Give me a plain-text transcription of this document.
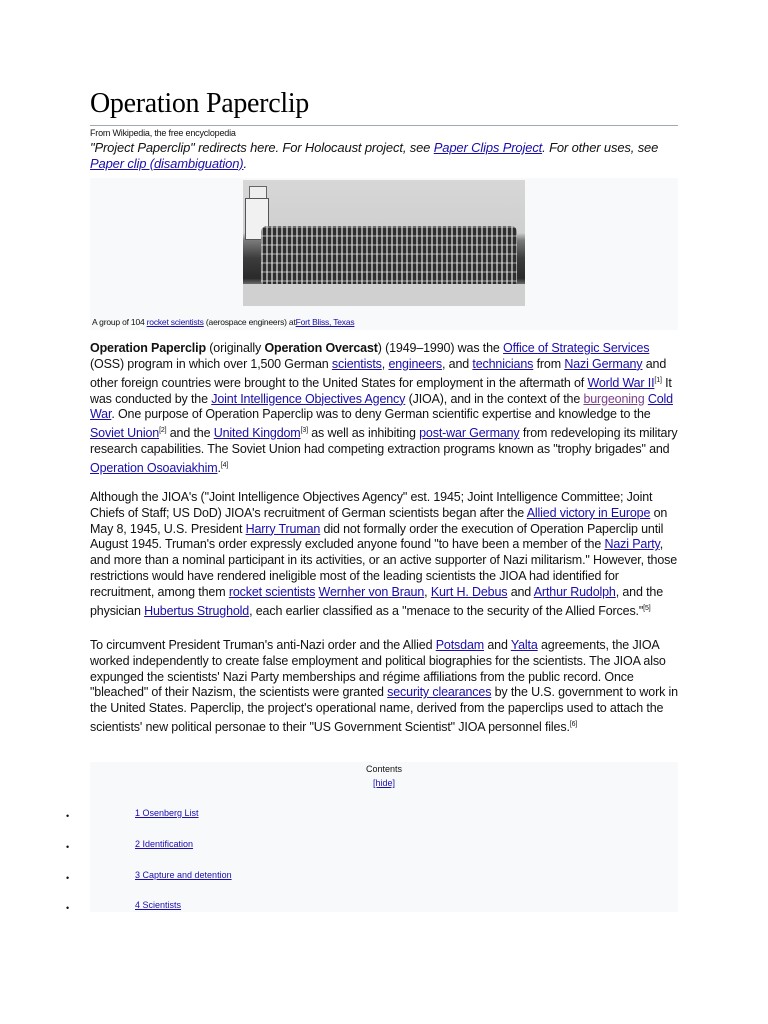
Operation Paperclip
From Wikipedia, the free encyclopedia
"Project Paperclip" redirects here. For Holocaust project, see Paper Clips Project. For other uses, see Paper clip (disambiguation).
A group of 104 rocket scientists (aerospace engineers) atFort Bliss, Texas

Operation Paperclip (originally Operation Overcast) (1949–1990) was the Office of Strategic Services (OSS) program in which over 1,500 German scientists, engineers, and technicians from Nazi Germany and other foreign countries were brought to the United States for employment in the aftermath of World War II[1] It was conducted by the Joint Intelligence Objectives Agency (JIOA), and in the context of the burgeoning Cold War. One purpose of Operation Paperclip was to deny German scientific expertise and knowledge to the Soviet Union[2] and the United Kingdom[3] as well as inhibiting post-war Germany from redeveloping its military research capabilities. The Soviet Union had competing extraction programs known as "trophy brigades" and Operation Osoaviakhim.[4]

Although the JIOA's ("Joint Intelligence Objectives Agency" est. 1945; Joint Intelligence Committee; Joint Chiefs of Staff; US DoD) JIOA's recruitment of German scientists began after the Allied victory in Europe on May 8, 1945, U.S. President Harry Truman did not formally order the execution of Operation Paperclip until August 1945. Truman's order expressly excluded anyone found "to have been a member of the Nazi Party, and more than a nominal participant in its activities, or an active supporter of Nazi militarism." However, those restrictions would have rendered ineligible most of the leading scientists the JIOA had identified for recruitment, among them rocket scientists Wernher von Braun, Kurt H. Debus and Arthur Rudolph, and the physician Hubertus Strughold, each earlier classified as a "menace to the security of the Allied Forces."[5]

To circumvent President Truman's anti-Nazi order and the Allied Potsdam and Yalta agreements, the JIOA worked independently to create false employment and political biographies for the scientists. The JIOA also expunged the scientists' Nazi Party memberships and régime affiliations from the public record. Once "bleached" of their Nazism, the scientists were granted security clearances by the U.S. government to work in the United States. Paperclip, the project's operational name, derived from the paperclips used to attach the scientists' new political personae to their "US Government Scientist" JIOA personnel files.[6]

Contents
[hide]
•	1 Osenberg List
•	2 Identification
•	3 Capture and detention
•	4 Scientists
